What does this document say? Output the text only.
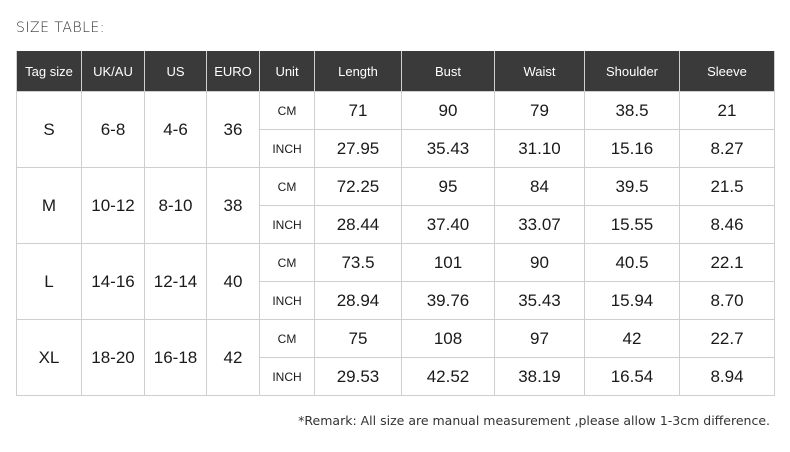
SIZE TABLE:
Tag size	UK/AU	US	EURO	Unit	Length	Bust	Waist	Shoulder	Sleeve
S	6-8	4-6	36	CM	71	90	79	38.5	21
				INCH	27.95	35.43	31.10	15.16	8.27
M	10-12	8-10	38	CM	72.25	95	84	39.5	21.5
				INCH	28.44	37.40	33.07	15.55	8.46
L	14-16	12-14	40	CM	73.5	101	90	40.5	22.1
				INCH	28.94	39.76	35.43	15.94	8.70
XL	18-20	16-18	42	CM	75	108	97	42	22.7
				INCH	29.53	42.52	38.19	16.54	8.94
*Remark: All size are manual measurement ,please allow 1-3cm difference.
